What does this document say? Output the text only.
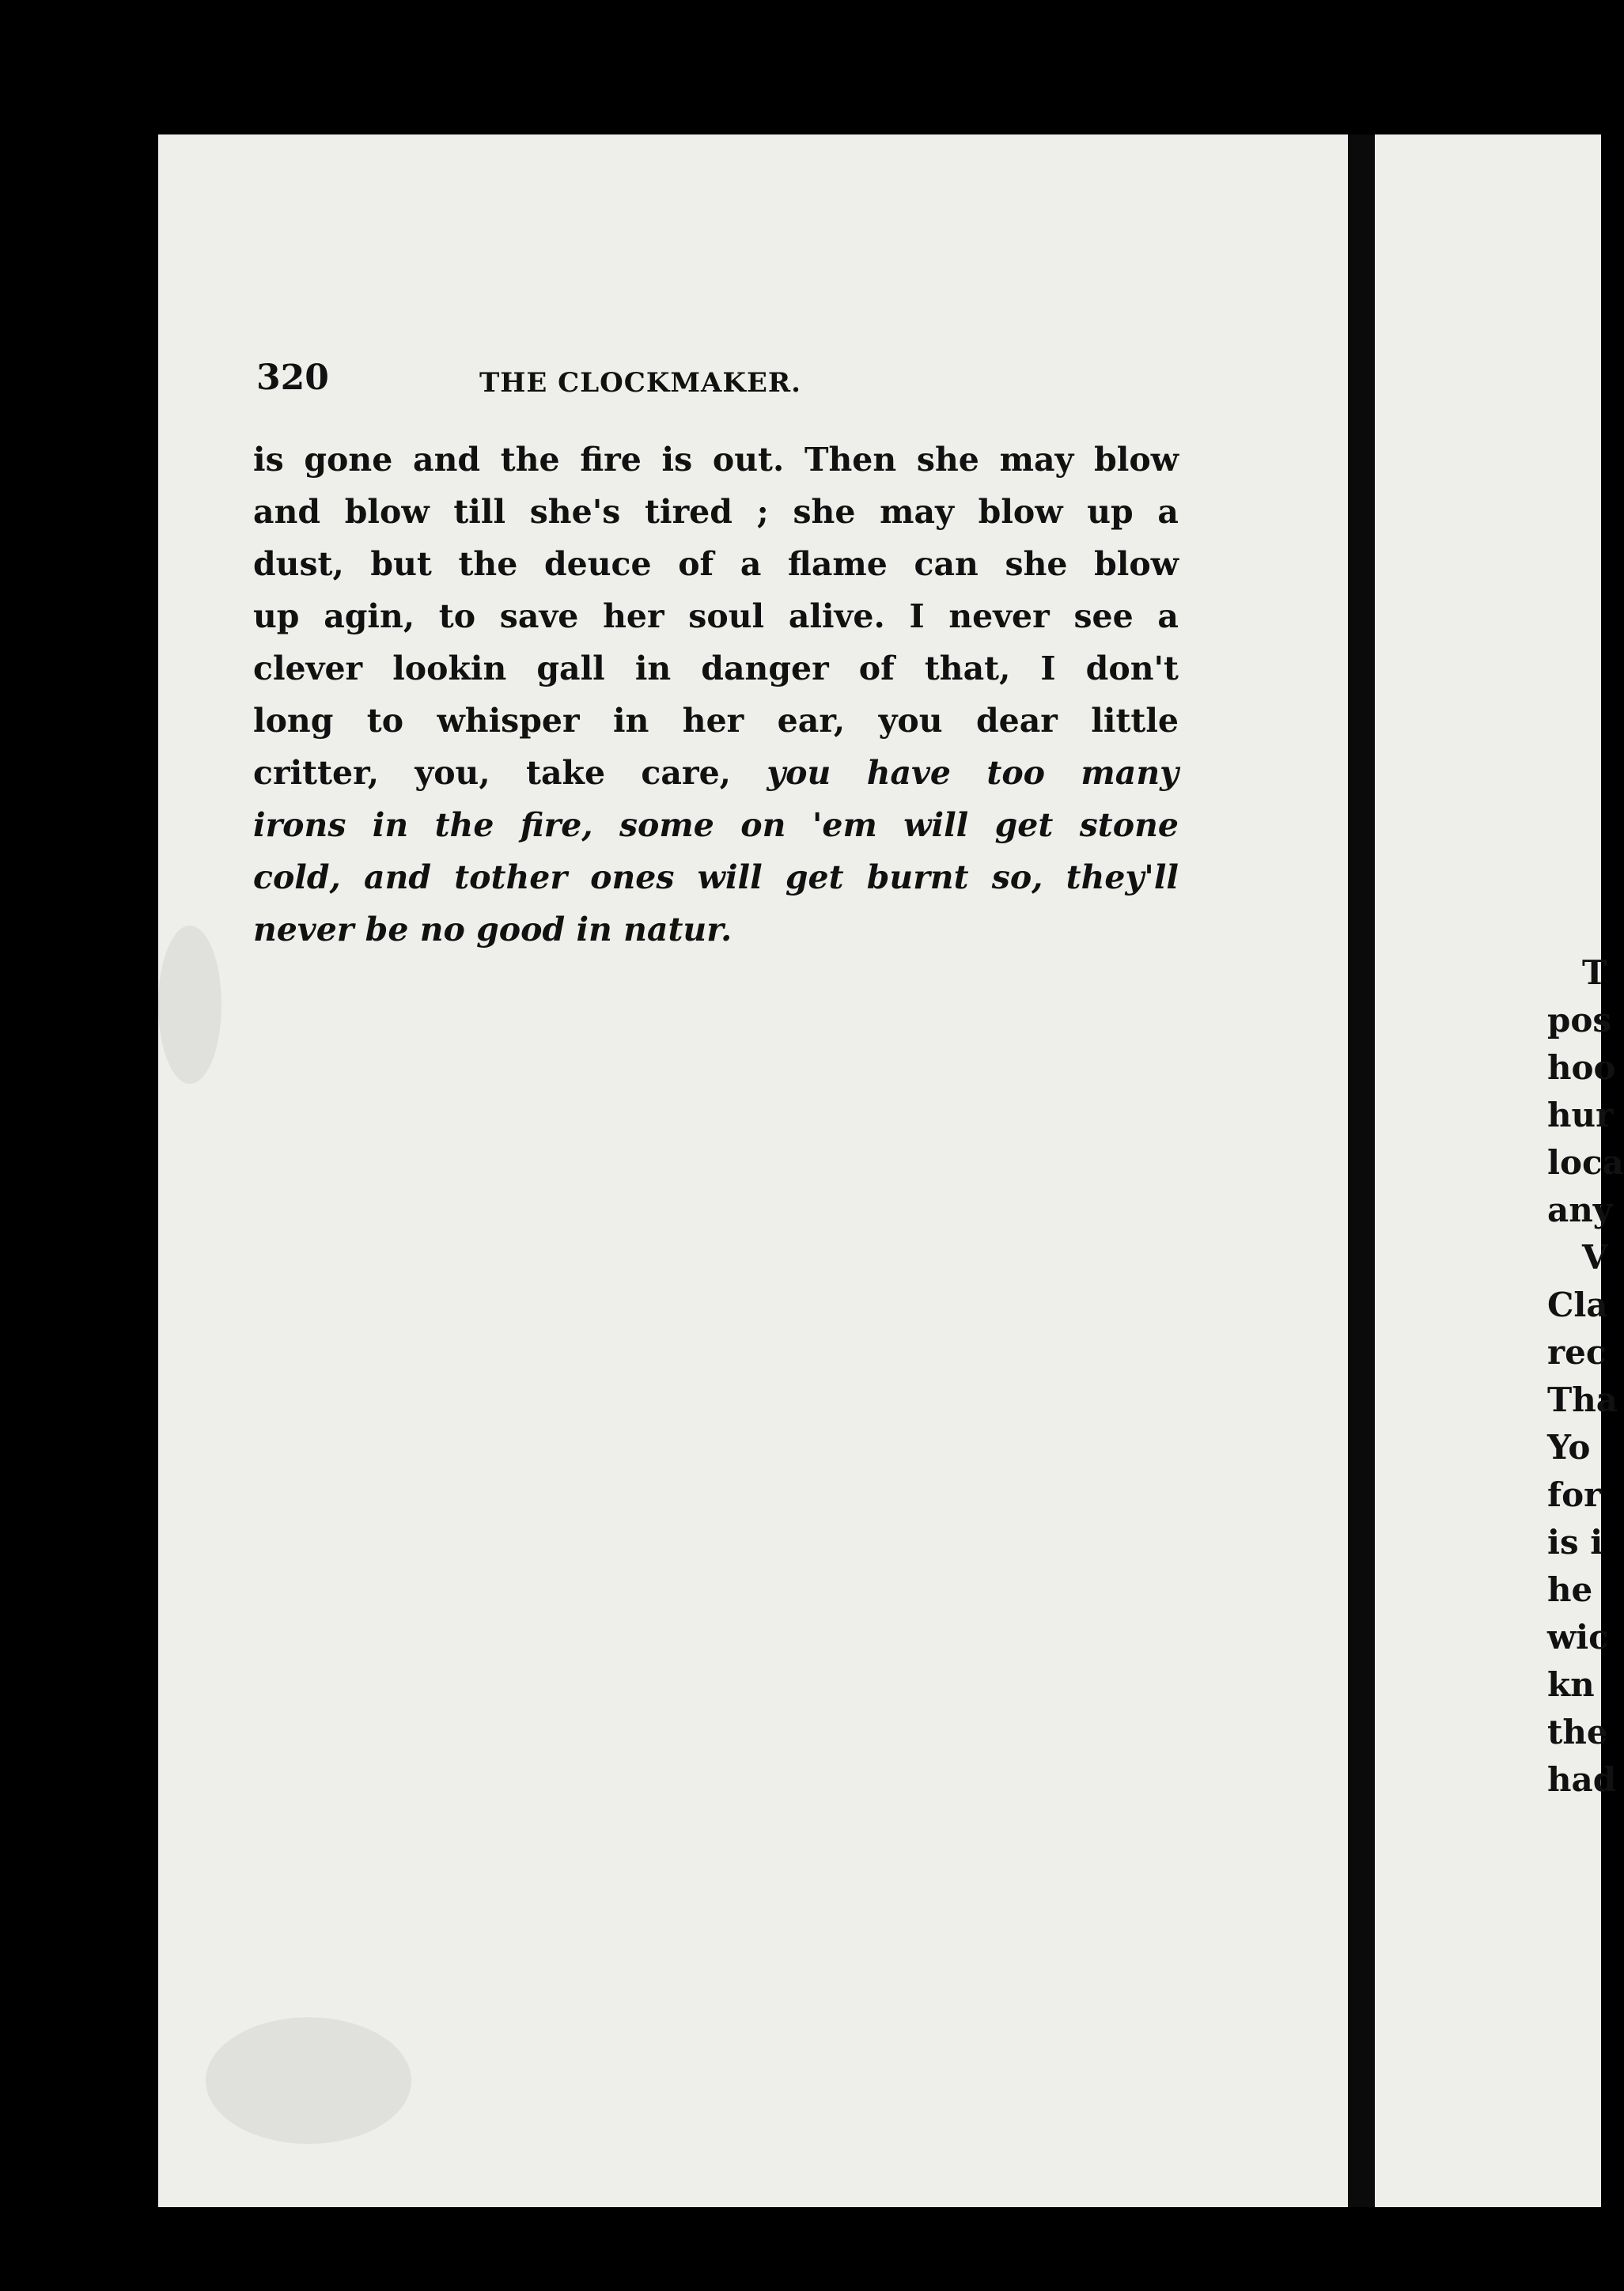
T
pos
hoo
hur
loca
any
V
Cla
rec
Tha
Yo
for
is i
he
wic
kn
the
had
320	THE CLOCKMAKER.
is gone and the fire is out. Then she may blow
and blow till she's tired ; she may blow up a
dust, but the deuce of a flame can she blow
up agin, to save her soul alive. I never see a
clever lookin gall in danger of that, I don't
long to whisper in her ear, you dear little
critter, you, take care, you have too many
irons in the fire, some on 'em will get stone
cold, and tother ones will get burnt so, they'll
never be no good in natur.
